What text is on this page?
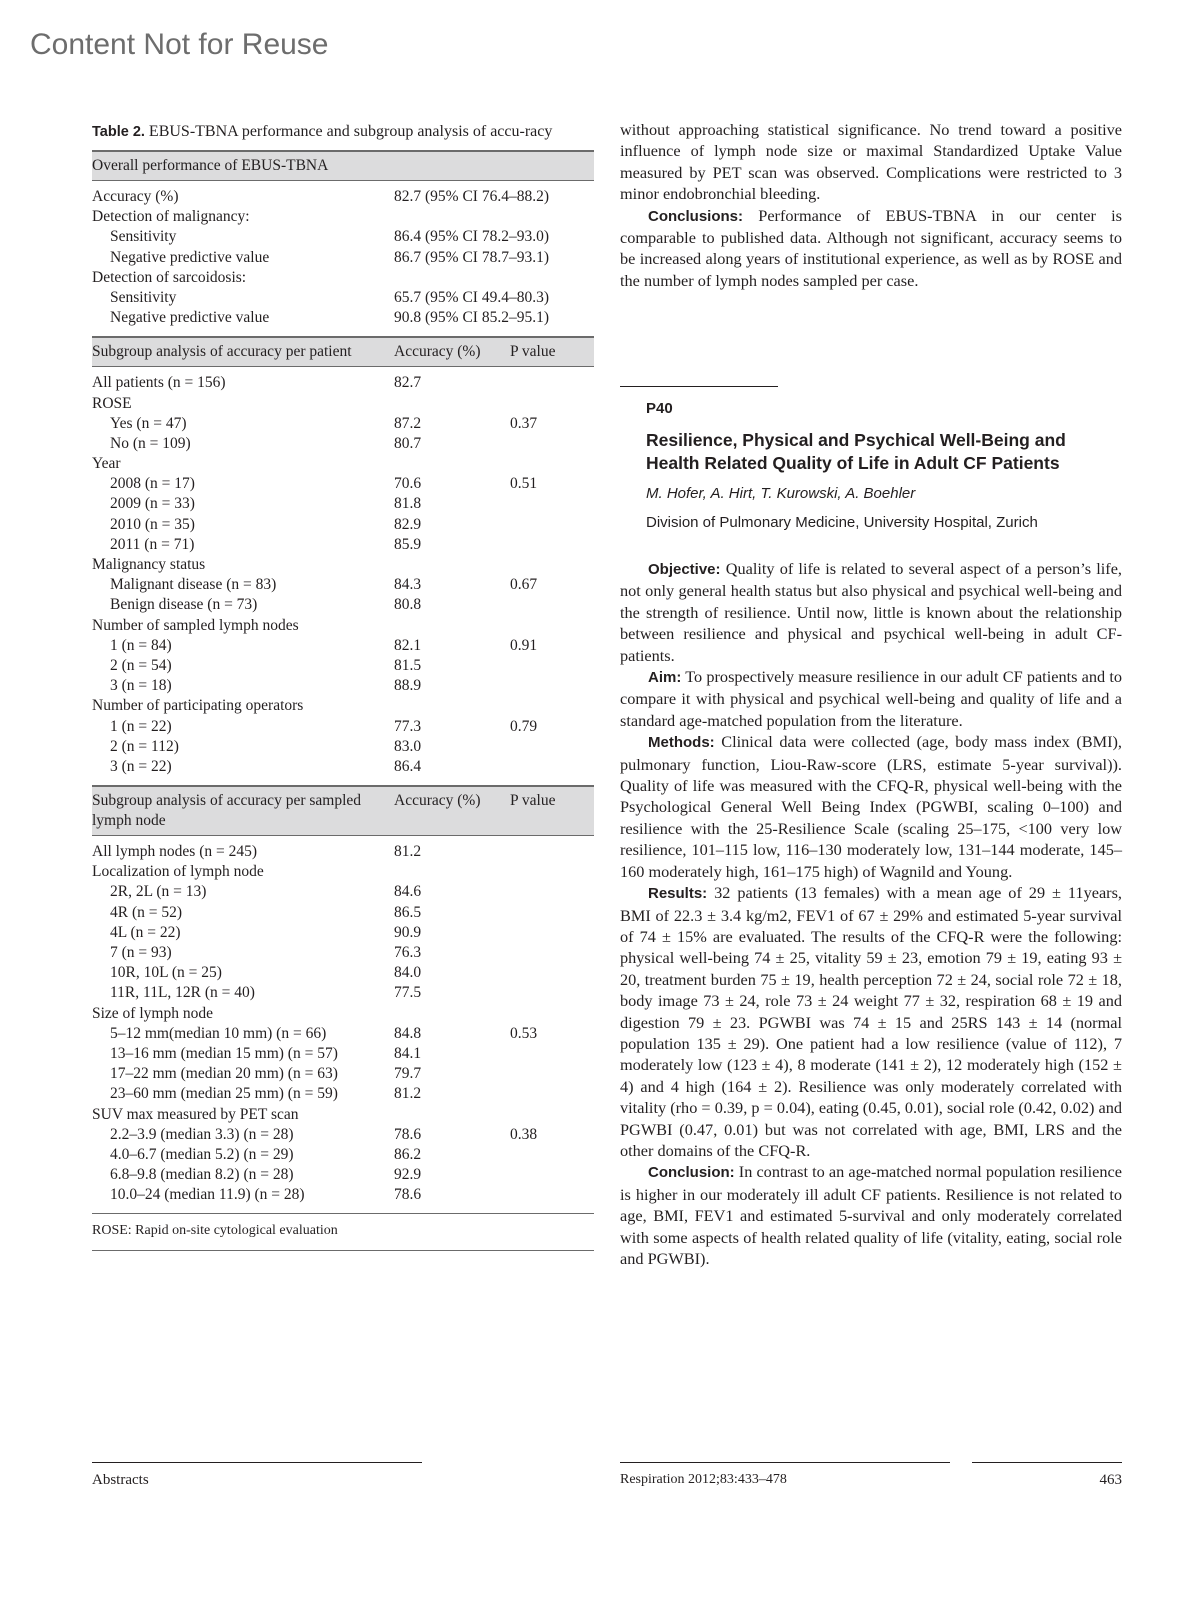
Content Not for Reuse

Table 2. EBUS-TBNA performance and subgroup analysis of accu-racy

Overall performance of EBUS-TBNA
Accuracy (%)	82.7 (95% CI 76.4–88.2)
Detection of malignancy:
Sensitivity	86.4 (95% CI 78.2–93.0)
Negative predictive value	86.7 (95% CI 78.7–93.1)
Detection of sarcoidosis:
Sensitivity	65.7 (95% CI 49.4–80.3)
Negative predictive value	90.8 (95% CI 85.2–95.1)
Subgroup analysis of accuracy per patient	Accuracy (%)	P value
All patients (n = 156)	82.7
ROSE
Yes (n = 47)	87.2	0.37
No (n = 109)	80.7
Year
2008 (n = 17)	70.6	0.51
2009 (n = 33)	81.8
2010 (n = 35)	82.9
2011 (n = 71)	85.9
Malignancy status
Malignant disease (n = 83)	84.3	0.67
Benign disease (n = 73)	80.8
Number of sampled lymph nodes
1 (n = 84)	82.1	0.91
2 (n = 54)	81.5
3 (n = 18)	88.9
Number of participating operators
1 (n = 22)	77.3	0.79
2 (n = 112)	83.0
3 (n = 22)	86.4
Subgroup analysis of accuracy per sampled lymph node
Accuracy (%)	P value
All lymph nodes (n = 245)	81.2
Localization of lymph node
2R, 2L (n = 13)	84.6
4R (n = 52)	86.5
4L (n = 22)	90.9
7 (n = 93)	76.3
10R, 10L (n = 25)	84.0
11R, 11L, 12R (n = 40)	77.5
Size of lymph node
5–12 mm(median 10 mm) (n = 66)	84.8	0.53
13–16 mm (median 15 mm) (n = 57)	84.1
17–22 mm (median 20 mm) (n = 63)	79.7
23–60 mm (median 25 mm) (n = 59)	81.2
SUV max measured by PET scan
2.2–3.9 (median 3.3) (n = 28)	78.6	0.38
4.0–6.7 (median 5.2) (n = 29)	86.2
6.8–9.8 (median 8.2) (n = 28)	92.9
10.0–24 (median 11.9) (n = 28)	78.6
ROSE: Rapid on-site cytological evaluation

without approaching statistical significance. No trend toward a positive influence of lymph node size or maximal Standardized Uptake Value measured by PET scan was observed. Complications were restricted to 3 minor endobronchial bleeding.

Conclusions: Performance of EBUS-TBNA in our center is comparable to published data. Although not significant, accuracy seems to be increased along years of institutional experience, as well as by ROSE and the number of lymph nodes sampled per case.

P40
Resilience, Physical and Psychical Well-Being and Health Related Quality of Life in Adult CF Patients
M. Hofer, A. Hirt, T. Kurowski, A. Boehler
Division of Pulmonary Medicine, University Hospital, Zurich

Objective: Quality of life is related to several aspect of a person’s life, not only general health status but also physical and psychical well-being and the strength of resilience. Until now, little is known about the relationship between resilience and physical and psychical well-being in adult CF-patients.

Aim: To prospectively measure resilience in our adult CF patients and to compare it with physical and psychical well-being and quality of life and a standard age-matched population from the literature.

Methods: Clinical data were collected (age, body mass index (BMI), pulmonary function, Liou-Raw-score (LRS, estimate 5-year survival)). Quality of life was measured with the CFQ-R, physical well-being with the Psychological General Well Being Index (PGWBI, scaling 0–100) and resilience with the 25-Resilience Scale (scaling 25–175, <100 very low resilience, 101–115 low, 116–130 moderately low, 131–144 moderate, 145–160 moderately high, 161–175 high) of Wagnild and Young.

Results: 32 patients (13 females) with a mean age of 29 ± 11years, BMI of 22.3 ± 3.4 kg/m2, FEV1 of 67 ± 29% and estimated 5-year survival of 74 ± 15% are evaluated. The results of the CFQ-R were the following: physical well-being 74 ± 25, vitality 59 ± 23, emotion 79 ± 19, eating 93 ± 20, treatment burden 75 ± 19, health perception 72 ± 24, social role 72 ± 18, body image 73 ± 24, role 73 ± 24 weight 77 ± 32, respiration 68 ± 19 and digestion 79 ± 23. PGWBI was 74 ± 15 and 25RS 143 ± 14 (normal population 135 ± 29). One patient had a low resilience (value of 112), 7 moderately low (123 ± 4), 8 moderate (141 ± 2), 12 moderately high (152 ± 4) and 4 high (164 ± 2). Resilience was only moderately correlated with vitality (rho = 0.39, p = 0.04), eating (0.45, 0.01), social role (0.42, 0.02) and PGWBI (0.47, 0.01) but was not correlated with age, BMI, LRS and the other domains of the CFQ-R.

Conclusion: In contrast to an age-matched normal population resilience is higher in our moderately ill adult CF patients. Resilience is not related to age, BMI, FEV1 and estimated 5-survival and only moderately correlated with some aspects of health related quality of life (vitality, eating, social role and PGWBI).

Abstracts	Respiration 2012;83:433–478	463
